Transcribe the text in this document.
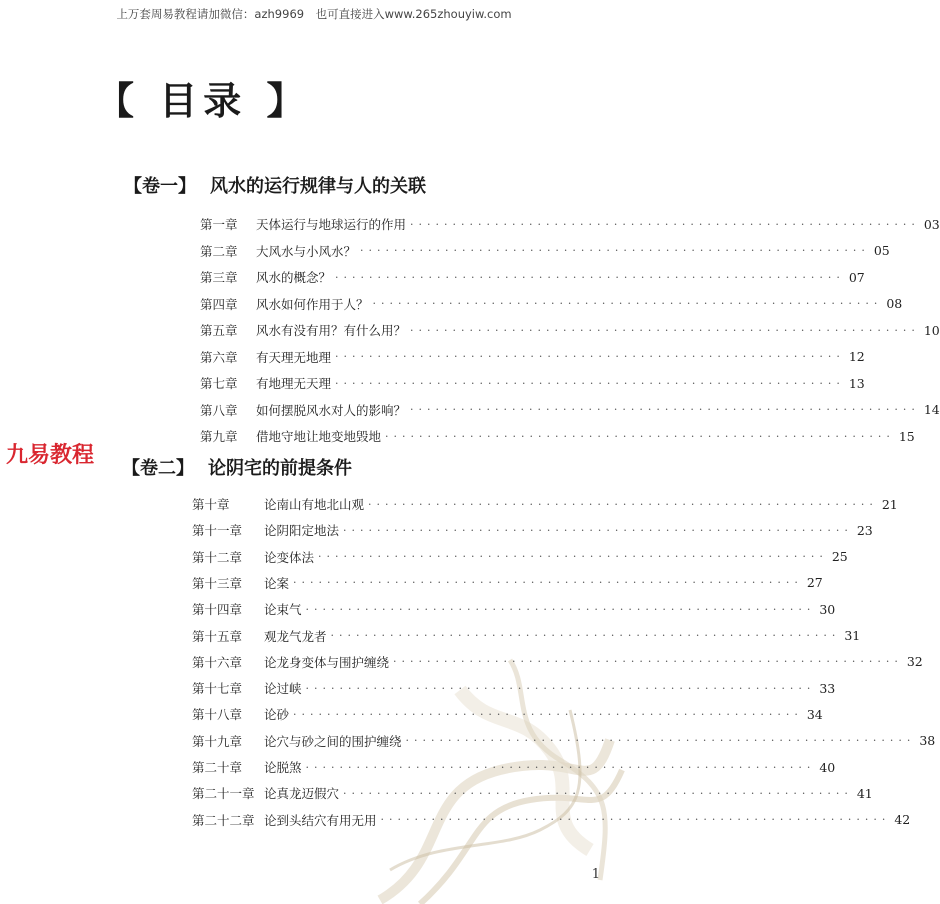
上万套周易教程请加微信：azh9969　也可直接进入www.265zhouyiw.com
【 目录 】
九易教程
【卷一】 风水的运行规律与人的关联
【卷二】 论阴宅的前提条件
第一章	天体运行与地球运行的作用 ···························································· 03
第二章	大风水与小风水？ ···························································· 05
第三章	风水的概念？ ···························································· 07
第四章	风水如何作用于人？ ···························································· 08
第五章	风水有没有用？有什么用？ ···························································· 10
第六章	有天理无地理 ···························································· 12
第七章	有地理无天理 ···························································· 13
第八章	如何摆脱风水对人的影响？ ···························································· 14
第九章	借地守地让地变地毁地 ···························································· 15
第十章	论南山有地北山观 ···························································· 21
第十一章	论阴阳定地法 ···························································· 23
第十二章	论变体法 ···························································· 25
第十三章	论案 ···························································· 27
第十四章	论束气 ···························································· 30
第十五章	观龙气龙者 ···························································· 31
第十六章	论龙身变体与围护缠绕 ···························································· 32
第十七章	论过峡 ···························································· 33
第十八章	论砂 ···························································· 34
第十九章	论穴与砂之间的围护缠绕 ···························································· 38
第二十章	论脱煞 ···························································· 40
第二十一章 论真龙迈假穴 ···························································· 41
第二十二章 论到头结穴有用无用 ···························································· 42
1
